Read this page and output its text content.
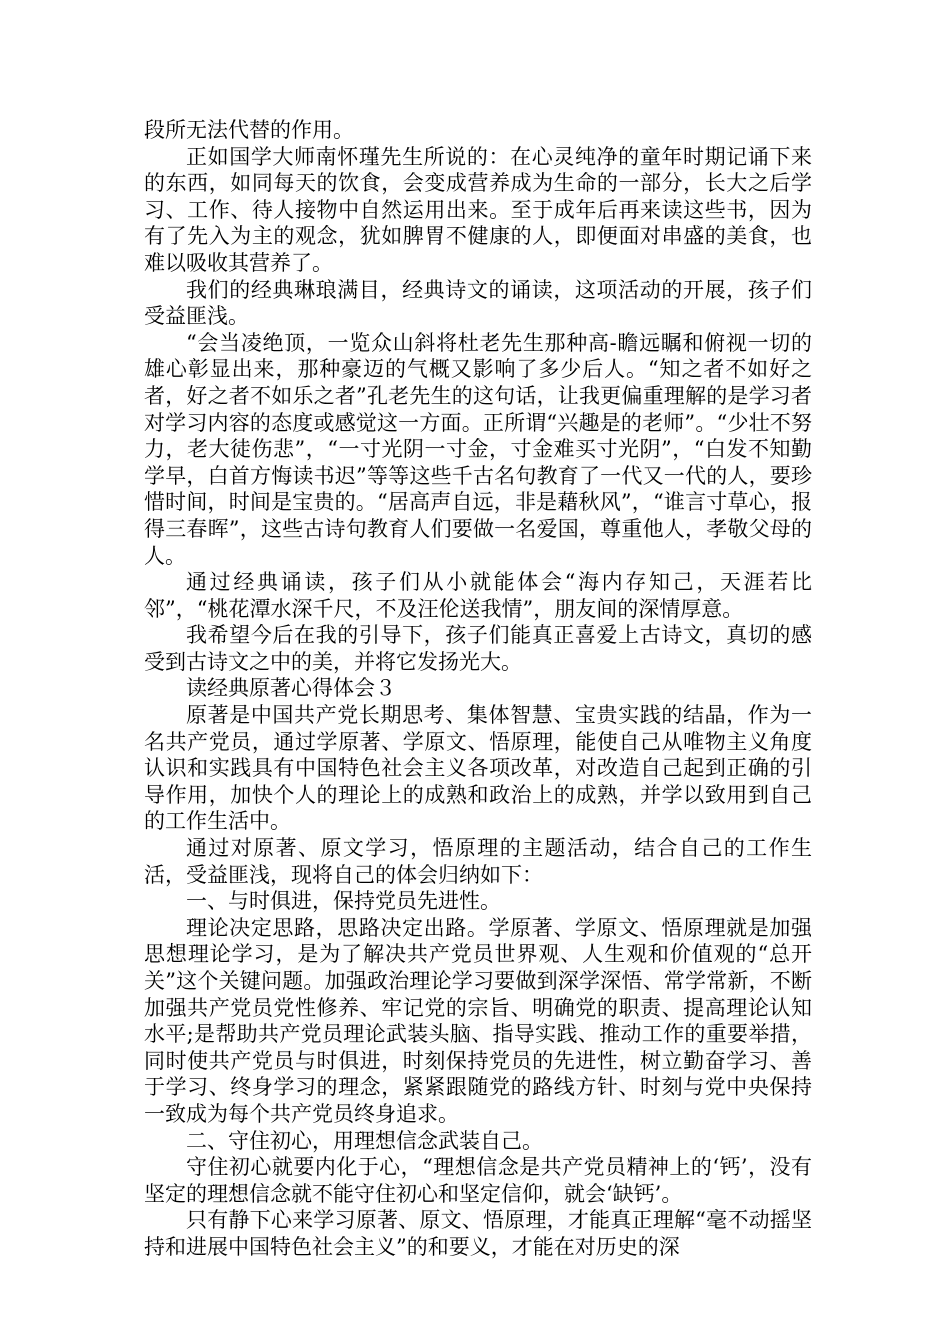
段所无法代替的作用。

正如国学大师南怀瑾先生所说的：在心灵纯净的童年时期记诵下来的东西，如同每天的饮食，会变成营养成为生命的一部分，长大之后学习、工作、待人接物中自然运用出来。至于成年后再来读这些书，因为有了先入为主的观念，犹如脾胃不健康的人，即便面对串盛的美食，也难以吸收其营养了。

我们的经典琳琅满目，经典诗文的诵读，这项活动的开展，孩子们受益匪浅。

“会当凌绝顶，一览众山斜将杜老先生那种高-瞻远瞩和俯视一切的雄心彰显出来，那种豪迈的气概又影响了多少后人。“知之者不如好之者，好之者不如乐之者”孔老先生的这句话，让我更偏重理解的是学习者对学习内容的态度或感觉这一方面。正所谓“兴趣是的老师”。“少壮不努力，老大徒伤悲”，“一寸光阴一寸金，寸金难买寸光阴”，“白发不知勤学早，白首方悔读书迟”等等这些千古名句教育了一代又一代的人，要珍惜时间，时间是宝贵的。“居高声自远，非是藉秋风”，“谁言寸草心，报得三春晖”，这些古诗句教育人们要做一名爱国，尊重他人，孝敬父母的人。

通过经典诵读，孩子们从小就能体会“海内存知己，天涯若比邻”，“桃花潭水深千尺，不及汪伦送我情”，朋友间的深情厚意。

我希望今后在我的引导下，孩子们能真正喜爱上古诗文，真切的感受到古诗文之中的美，并将它发扬光大。

读经典原著心得体会３

原著是中国共产党长期思考、集体智慧、宝贵实践的结晶，作为一名共产党员，通过学原著、学原文、悟原理，能使自己从唯物主义角度认识和实践具有中国特色社会主义各项改革，对改造自己起到正确的引导作用，加快个人的理论上的成熟和政治上的成熟，并学以致用到自己的工作生活中。

通过对原著、原文学习，悟原理的主题活动，结合自己的工作生活，受益匪浅，现将自己的体会归纳如下：

一、与时俱进，保持党员先进性。

理论决定思路，思路决定出路。学原著、学原文、悟原理就是加强思想理论学习，是为了解决共产党员世界观、人生观和价值观的“总开关”这个关键问题。加强政治理论学习要做到深学深悟、常学常新，不断加强共产党员党性修养、牢记党的宗旨、明确党的职责、提高理论认知水平;是帮助共产党员理论武装头脑、指导实践、推动工作的重要举措，同时使共产党员与时俱进，时刻保持党员的先进性，树立勤奋学习、善于学习、终身学习的理念，紧紧跟随党的路线方针、时刻与党中央保持一致成为每个共产党员终身追求。

二、守住初心，用理想信念武装自己。

守住初心就要内化于心，“理想信念是共产党员精神上的‘钙’，没有坚定的理想信念就不能守住初心和坚定信仰，就会‘缺钙’。

只有静下心来学习原著、原文、悟原理，才能真正理解“毫不动摇坚持和进展中国特色社会主义”的和要义，才能在对历史的深
